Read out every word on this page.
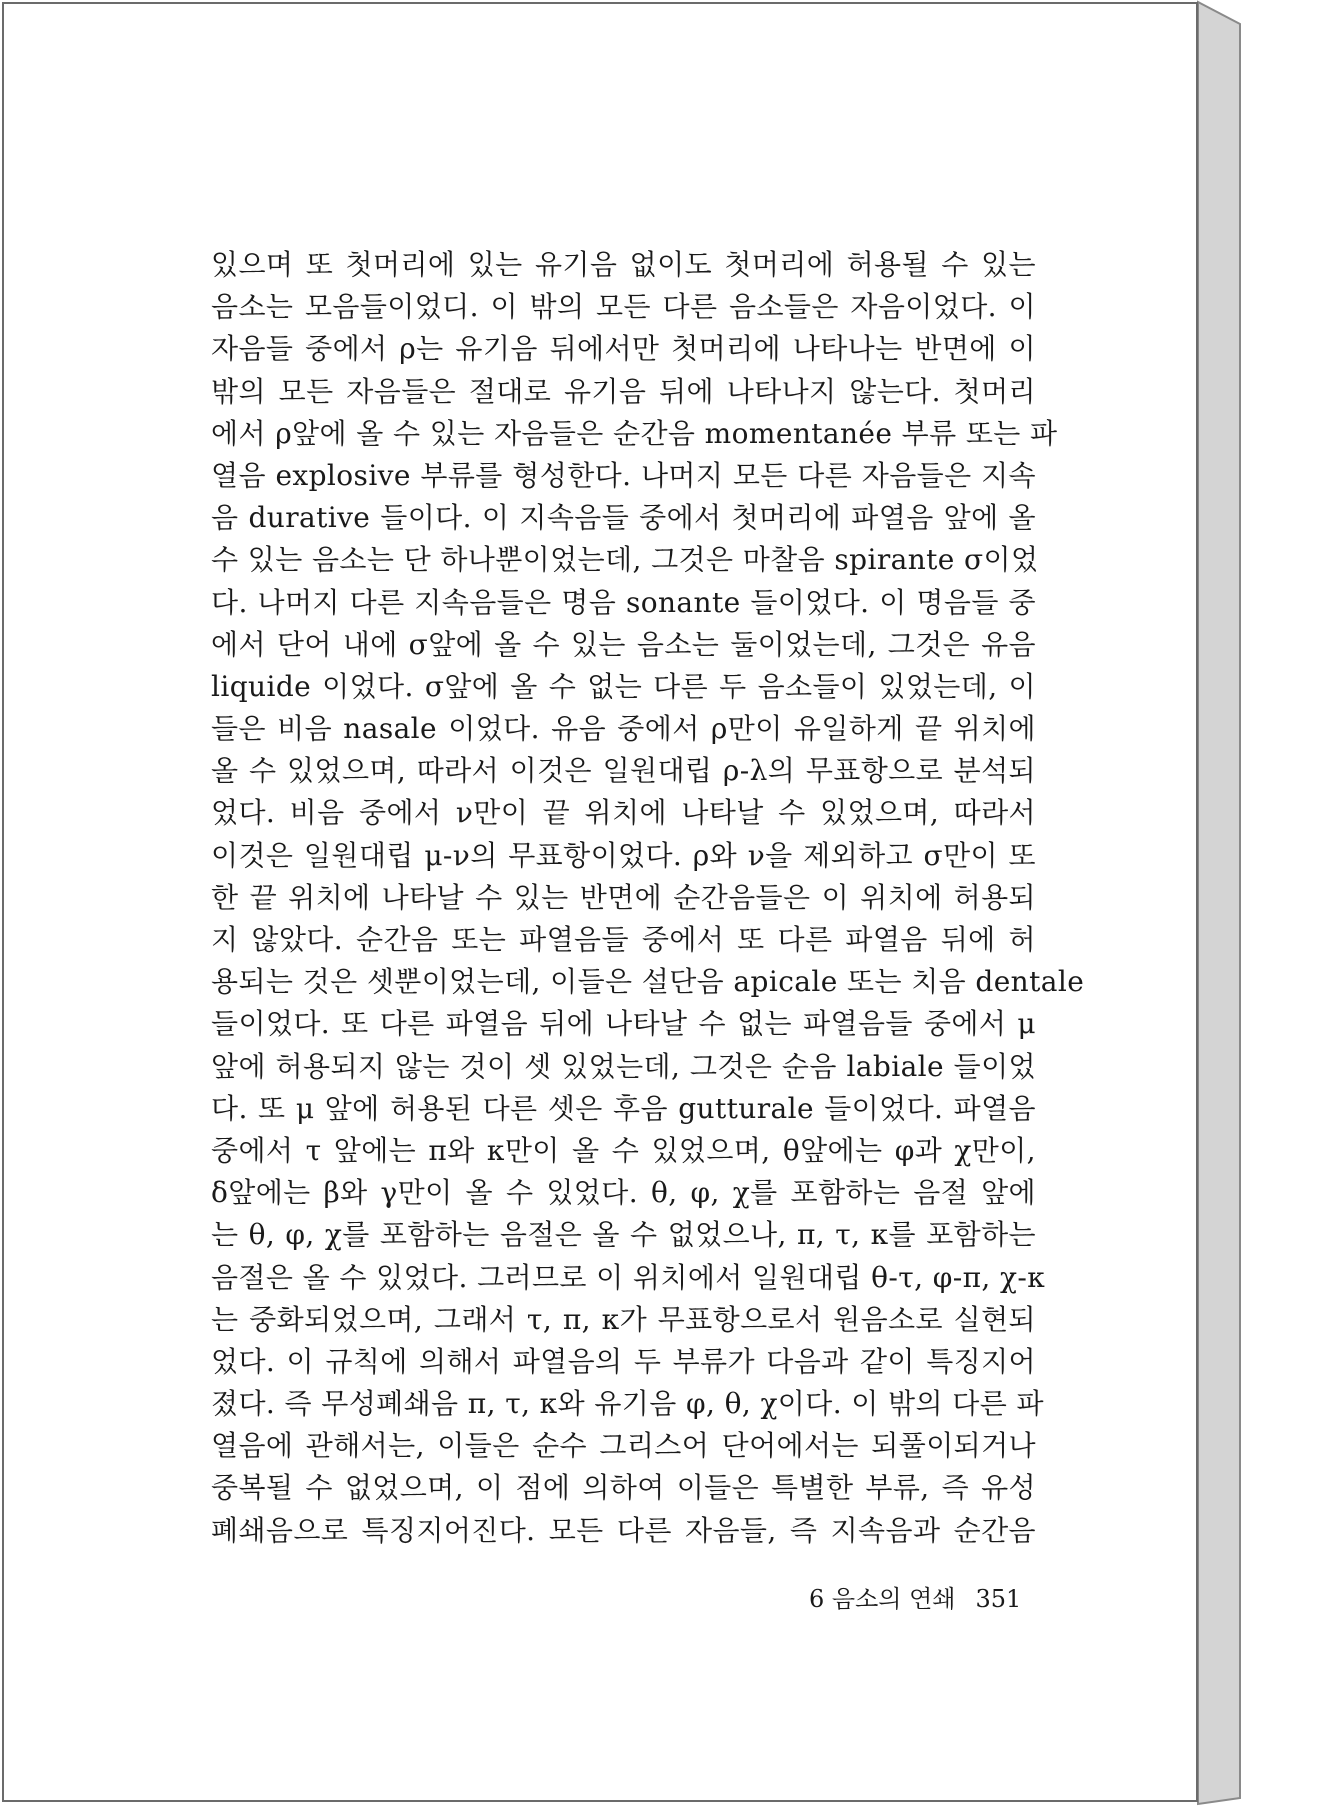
있으며 또 첫머리에 있는 유기음 없이도 첫머리에 허용될 수 있는
음소는 모음들이었디. 이 밖의 모든 다른 음소들은 자음이었다. 이
자음들 중에서 ρ는 유기음 뒤에서만 첫머리에 나타나는 반면에 이
밖의 모든 자음들은 절대로 유기음 뒤에 나타나지 않는다. 첫머리
에서 ρ앞에 올 수 있는 자음들은 순간음 momentanée 부류 또는 파
열음 explosive 부류를 형성한다. 나머지 모든 다른 자음들은 지속
음 durative 들이다. 이 지속음들 중에서 첫머리에 파열음 앞에 올
수 있는 음소는 단 하나뿐이었는데, 그것은 마찰음 spirante σ이었
다. 나머지 다른 지속음들은 명음 sonante 들이었다. 이 명음들 중
에서 단어 내에 σ앞에 올 수 있는 음소는 둘이었는데, 그것은 유음
liquide 이었다. σ앞에 올 수 없는 다른 두 음소들이 있었는데, 이
들은 비음 nasale 이었다. 유음 중에서 ρ만이 유일하게 끝 위치에
올 수 있었으며, 따라서 이것은 일원대립 ρ-λ의 무표항으로 분석되
었다. 비음 중에서 ν만이 끝 위치에 나타날 수 있었으며, 따라서
이것은 일원대립 μ-ν의 무표항이었다. ρ와 ν을 제외하고 σ만이 또
한 끝 위치에 나타날 수 있는 반면에 순간음들은 이 위치에 허용되
지 않았다. 순간음 또는 파열음들 중에서 또 다른 파열음 뒤에 허
용되는 것은 셋뿐이었는데, 이들은 설단음 apicale 또는 치음 dentale
들이었다. 또 다른 파열음 뒤에 나타날 수 없는 파열음들 중에서 μ
앞에 허용되지 않는 것이 셋 있었는데, 그것은 순음 labiale 들이었
다. 또 μ 앞에 허용된 다른 셋은 후음 gutturale 들이었다. 파열음
중에서 τ 앞에는 π와 κ만이 올 수 있었으며, θ앞에는 φ과 χ만이,
δ앞에는 β와 γ만이 올 수 있었다. θ, φ, χ를 포함하는 음절 앞에
는 θ, φ, χ를 포함하는 음절은 올 수 없었으나, π, τ, κ를 포함하는
음절은 올 수 있었다. 그러므로 이 위치에서 일원대립 θ-τ, φ-π, χ-κ
는 중화되었으며, 그래서 τ, π, κ가 무표항으로서 원음소로 실현되
었다. 이 규칙에 의해서 파열음의 두 부류가 다음과 같이 특징지어
졌다. 즉 무성폐쇄음 π, τ, κ와 유기음 φ, θ, χ이다. 이 밖의 다른 파
열음에 관해서는, 이들은 순수 그리스어 단어에서는 되풀이되거나
중복될 수 없었으며, 이 점에 의하여 이들은 특별한 부류, 즉 유성
폐쇄음으로 특징지어진다. 모든 다른 자음들, 즉 지속음과 순간음
6 음소의 연쇄 351
